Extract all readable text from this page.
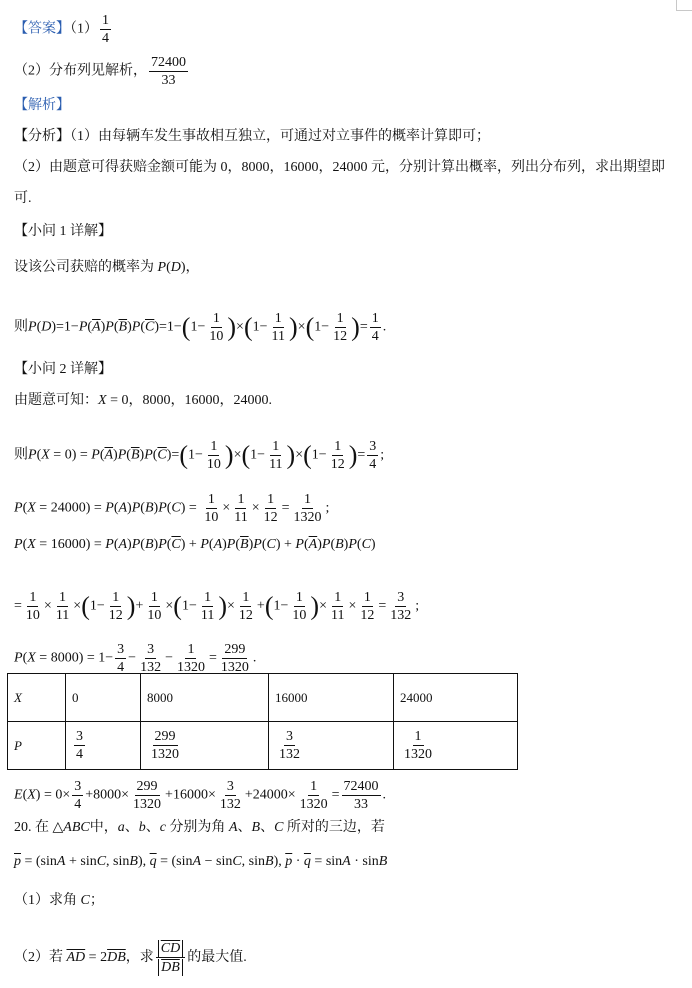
【答案】$(1) \frac{1}{4}$
（2）分布列见解析， $\frac{72400}{33}$
【解析】
【分析】（1）由每辆车发生事故相互独立，可通过对立事件的概率计算即可；
（2）由题意可得获赔金额可能为 0，8000，16000，24000 元，分别计算出概率，列出分布列，求出期望即
可.
【小问 1 详解】
设该公司获赔的概率为 P(D)，
则$P(D)=1-P(\overline{A})P(\overline{B})P(\overline{C})=1-(1- \frac{1}{10} )\times(1- \frac{1}{11} )\times(1- \frac{1}{12}$ )= $\frac{1}{4}$ .
【小问 2 详解】
由题意可知：X = 0，8000，16000，24000.
则$P(X = 0) = P(\overline{A})P(\overline{B})P(\overline{C})=(1- \frac{1}{10} )\times(1- \frac{1}{11} )\times(1- \frac{1}{12}$ )= $\frac{3}{4}$ ;
$P(X = 24000) = P(A)P(B)P(C) = \frac{1}{10} \times \frac{1}{11} \times \frac{1}{12} = \frac{1}{1320}$ ;
$P(X = 16000) = P(A)P(B)P(\overline{C}) + P(A)P(\overline{B})P(C) + P(\overline{A})P(B)P(C)$
= $\frac{1}{10} \times \frac{1}{11} \times(1- \frac{1}{12}$ )+ $\frac{1}{10} \times(1- \frac{1}{11}$ )× $\frac{1}{12} +(1- \frac{1}{10}$ )× $\frac{1}{11} \times \frac{1}{12} = \frac{3}{132}$ ;
$P(X = 8000) = 1- \frac{3}{4} - \frac{3}{132} - \frac{1}{1320} = \frac{299}{1320}$ .
X	0	8000	16000	24000
P	$\frac{3}{4}$	$\frac{299}{1320}$	$\frac{3}{132}$	$\frac{1}{1320}$
$E(X) = 0\times \frac{3}{4} +8000\times \frac{299}{1320} +16000\times \frac{3}{132} +24000\times \frac{1}{1320} = \frac{72400}{33}$ .
20. 在 △ABC中，a、b、c 分别为角 A、B、C 所对的三边，若
$\overline{p} = (\sin A + \sin C$, sinB), $\overline{q} = (\sin A - \sin C$, sinB), $\overline{p} \cdot \overline{q} = \sin A \cdot \sin B$
（1）求角 C；
（2）若 $\overline{AD} = 2\overline{DB}$，求 $\frac{\overline{CD}}{DB}$ 的最大值.
